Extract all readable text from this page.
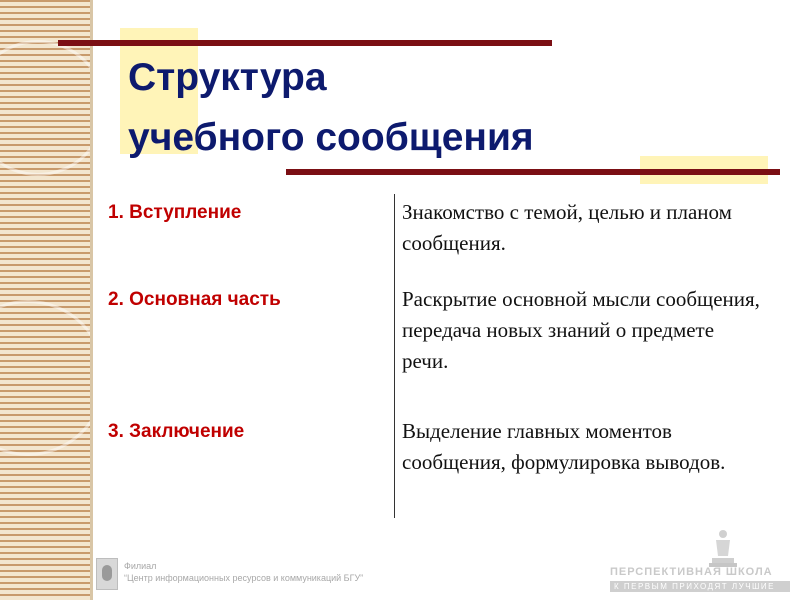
Структура
учебного сообщения
1. Вступление	Знакомство с темой, целью и планом сообщения.
2. Основная часть	Раскрытие основной мысли сообщения, передача новых знаний о предмете речи.
3. Заключение	Выделение главных моментов сообщения, формулировка выводов.
Филиал
“Центр информационных ресурсов и коммуникаций БГУ”	ПЕРСПЕКТИВНАЯ ШКОЛА
К ПЕРВЫМ ПРИХОДЯТ ЛУЧШИЕ
